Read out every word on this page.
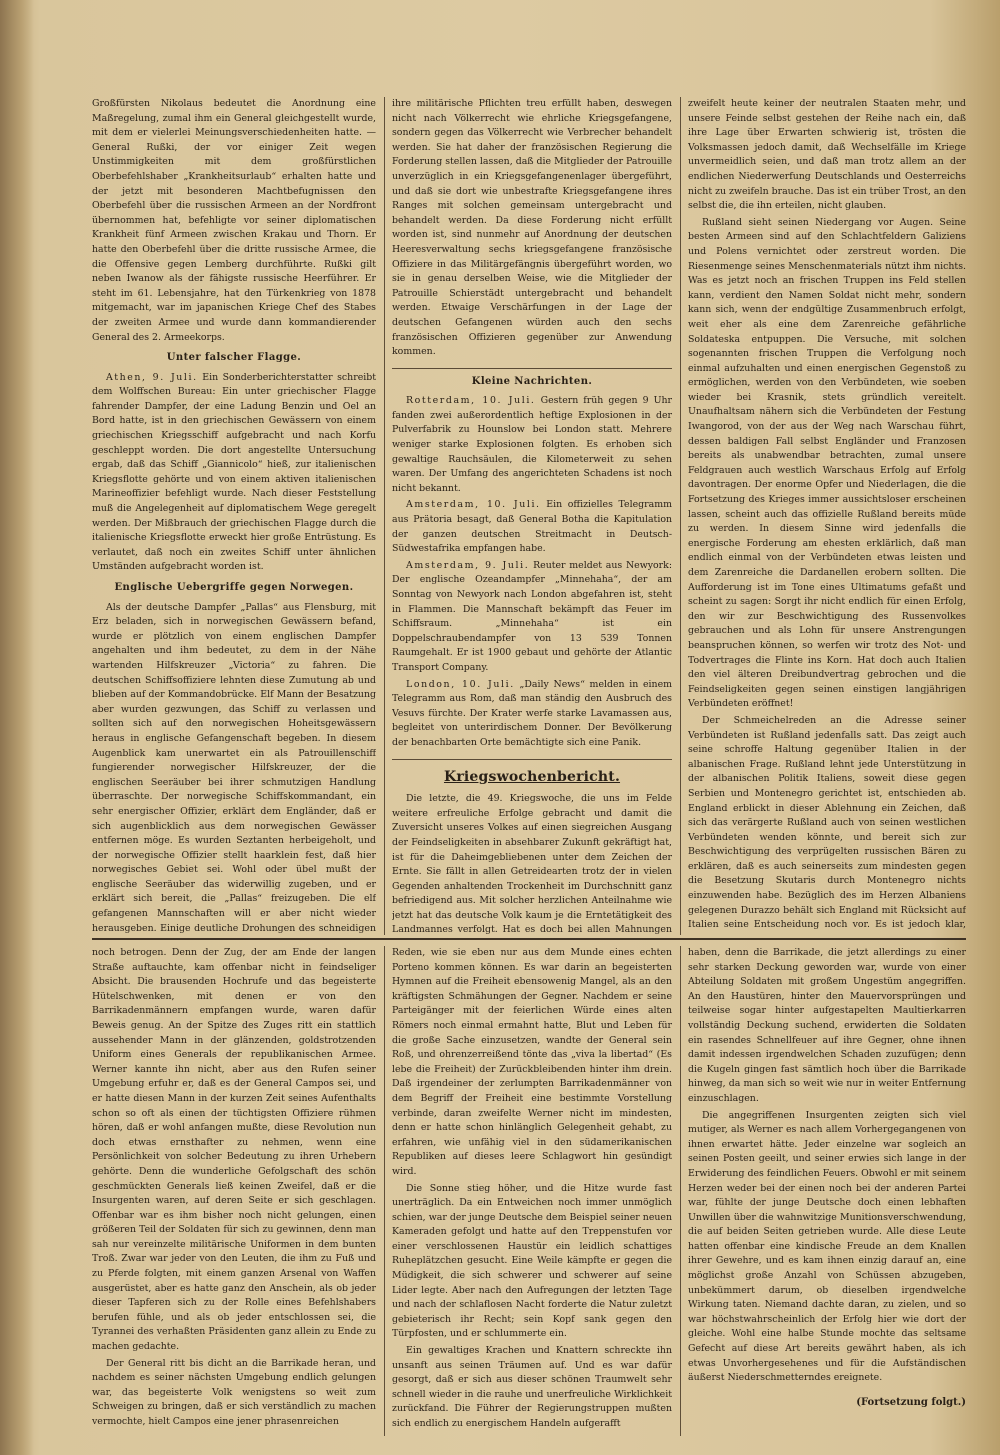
Großfürsten Nikolaus bedeutet die Anordnung eine Maßregelung, zumal ihm ein General gleichgestellt wurde, mit dem er vielerlei Meinungsverschiedenheiten hatte. — General Rußki, der vor einiger Zeit wegen Unstimmigkeiten mit dem großfürstlichen Oberbefehlshaber „Krankheitsurlaub“ erhalten hatte und der jetzt mit besonderen Machtbefugnissen den Oberbefehl über die russischen Armeen an der Nordfront übernommen hat, befehligte vor seiner diplomatischen Krankheit fünf Armeen zwischen Krakau und Thorn. Er hatte den Oberbefehl über die dritte russische Armee, die die Offensive gegen Lemberg durchführte. Rußki gilt neben Iwanow als der fähigste russische Heerführer. Er steht im 61. Lebensjahre, hat den Türkenkrieg von 1878 mitgemacht, war im japanischen Kriege Chef des Stabes der zweiten Armee und wurde dann kommandierender General des 2. Armeekorps.

Unter falscher Flagge.

Athen, 9. Juli. Ein Sonderberichterstatter schreibt dem Wolffschen Bureau: Ein unter griechischer Flagge fahrender Dampfer, der eine Ladung Benzin und Oel an Bord hatte, ist in den griechischen Gewässern von einem griechischen Kriegsschiff aufgebracht und nach Korfu geschleppt worden. Die dort angestellte Untersuchung ergab, daß das Schiff „Giannicolo“ hieß, zur italienischen Kriegsflotte gehörte und von einem aktiven italienischen Marineoffizier befehligt wurde. Nach dieser Feststellung muß die Angelegenheit auf diplomatischem Wege geregelt werden. Der Mißbrauch der griechischen Flagge durch die italienische Kriegsflotte erweckt hier große Entrüstung. Es verlautet, daß noch ein zweites Schiff unter ähnlichen Umständen aufgebracht worden ist.

Englische Uebergriffe gegen Norwegen.

Als der deutsche Dampfer „Pallas“ aus Flensburg, mit Erz beladen, sich in norwegischen Gewässern befand, wurde er plötzlich von einem englischen Dampfer angehalten und ihm bedeutet, zu dem in der Nähe wartenden Hilfskreuzer „Victoria“ zu fahren. Die deutschen Schiffsoffiziere lehnten diese Zumutung ab und blieben auf der Kommandobrücke. Elf Mann der Besatzung aber wurden gezwungen, das Schiff zu verlassen und sollten sich auf den norwegischen Hoheitsgewässern heraus in englische Gefangenschaft begeben. In diesem Augenblick kam unerwartet ein als Patrouillenschiff fungierender norwegischer Hilfskreuzer, der die englischen Seeräuber bei ihrer schmutzigen Handlung überraschte. Der norwegische Schiffskommandant, ein sehr energischer Offizier, erklärt dem Engländer, daß er sich augenblicklich aus dem norwegischen Gewässer entfernen möge. Es wurden Seztanten herbeigeholt, und der norwegische Offizier stellt haarklein fest, daß hier norwegisches Gebiet sei. Wohl oder übel mußt der englische Seeräuber das widerwillig zugeben, und er erklärt sich bereit, die „Pallas“ freizugeben. Die elf gefangenen Mannschaften will er aber nicht wieder herausgeben. Einige deutliche Drohungen des schneidigen

ihre militärische Pflichten treu erfüllt haben, deswegen nicht nach Völkerrecht wie ehrliche Kriegsgefangene, sondern gegen das Völkerrecht wie Verbrecher behandelt werden. Sie hat daher der französischen Regierung die Forderung stellen lassen, daß die Mitglieder der Patrouille unverzüglich in ein Kriegsgefangenenlager übergeführt, und daß sie dort wie unbestrafte Kriegsgefangene ihres Ranges mit solchen gemeinsam untergebracht und behandelt werden. Da diese Forderung nicht erfüllt worden ist, sind nunmehr auf Anordnung der deutschen Heeresverwaltung sechs kriegsgefangene französische Offiziere in das Militärgefängnis übergeführt worden, wo sie in genau derselben Weise, wie die Mitglieder der Patrouille Schierstädt untergebracht und behandelt werden. Etwaige Verschärfungen in der Lage der deutschen Gefangenen würden auch den sechs französischen Offizieren gegenüber zur Anwendung kommen.

Kleine Nachrichten.

Rotterdam, 10. Juli. Gestern früh gegen 9 Uhr fanden zwei außerordentlich heftige Explosionen in der Pulverfabrik zu Hounslow bei London statt. Mehrere weniger starke Explosionen folgten. Es erhoben sich gewaltige Rauchsäulen, die Kilometerweit zu sehen waren. Der Umfang des angerichteten Schadens ist noch nicht bekannt.

Amsterdam, 10. Juli. Ein offizielles Telegramm aus Prätoria besagt, daß General Botha die Kapitulation der ganzen deutschen Streitmacht in Deutsch-Südwestafrika empfangen habe.

Amsterdam, 9. Juli. Reuter meldet aus Newyork: Der englische Ozeandampfer „Minnehaha“, der am Sonntag von Newyork nach London abgefahren ist, steht in Flammen. Die Mannschaft bekämpft das Feuer im Schiffsraum. „Minnehaha“ ist ein Doppelschraubendampfer von 13 539 Tonnen Raumgehalt. Er ist 1900 gebaut und gehörte der Atlantic Transport Company.

London, 10. Juli. „Daily News“ melden in einem Telegramm aus Rom, daß man ständig den Ausbruch des Vesuvs fürchte. Der Krater werfe starke Lavamassen aus, begleitet von unterirdischem Donner. Der Bevölkerung der benachbarten Orte bemächtigte sich eine Panik.

Kriegswochenbericht.

Die letzte, die 49. Kriegswoche, die uns im Felde weitere erfreuliche Erfolge gebracht und damit die Zuversicht unseres Volkes auf einen siegreichen Ausgang der Feindseligkeiten in absehbarer Zukunft gekräftigt hat, ist für die Daheimgebliebenen unter dem Zeichen der Ernte. Sie fällt in allen Getreidearten trotz der in vielen Gegenden anhaltenden Trockenheit im Durchschnitt ganz befriedigend aus. Mit solcher herzlichen Anteilnahme wie jetzt hat das deutsche Volk kaum je die Erntetätigkeit des Landmannes verfolgt. Hat es doch bei allen Mahnungen

zweifelt heute keiner der neutralen Staaten mehr, und unsere Feinde selbst gestehen der Reihe nach ein, daß ihre Lage über Erwarten schwierig ist, trösten die Volksmassen jedoch damit, daß Wechselfälle im Kriege unvermeidlich seien, und daß man trotz allem an der endlichen Niederwerfung Deutschlands und Oesterreichs nicht zu zweifeln brauche. Das ist ein trüber Trost, an den selbst die, die ihn erteilen, nicht glauben.

Rußland sieht seinen Niedergang vor Augen. Seine besten Armeen sind auf den Schlachtfeldern Galiziens und Polens vernichtet oder zerstreut worden. Die Riesenmenge seines Menschenmaterials nützt ihm nichts. Was es jetzt noch an frischen Truppen ins Feld stellen kann, verdient den Namen Soldat nicht mehr, sondern kann sich, wenn der endgültige Zusammenbruch erfolgt, weit eher als eine dem Zarenreiche gefährliche Soldateska entpuppen. Die Versuche, mit solchen sogenannten frischen Truppen die Verfolgung noch einmal aufzuhalten und einen energischen Gegenstoß zu ermöglichen, werden von den Verbündeten, wie soeben wieder bei Krasnik, stets gründlich vereitelt. Unaufhaltsam nähern sich die Verbündeten der Festung Iwangorod, von der aus der Weg nach Warschau führt, dessen baldigen Fall selbst Engländer und Franzosen bereits als unabwendbar betrachten, zumal unsere Feldgrauen auch westlich Warschaus Erfolg auf Erfolg davontragen. Der enorme Opfer und Niederlagen, die die Fortsetzung des Krieges immer aussichtsloser erscheinen lassen, scheint auch das offizielle Rußland bereits müde zu werden. In diesem Sinne wird jedenfalls die energische Forderung am ehesten erklärlich, daß man endlich einmal von der Verbündeten etwas leisten und dem Zarenreiche die Dardanellen erobern sollten. Die Aufforderung ist im Tone eines Ultimatums gefaßt und scheint zu sagen: Sorgt ihr nicht endlich für einen Erfolg, den wir zur Beschwichtigung des Russenvolkes gebrauchen und als Lohn für unsere Anstrengungen beanspruchen können, so werfen wir trotz des Not- und Todvertrages die Flinte ins Korn. Hat doch auch Italien den viel älteren Dreibundvertrag gebrochen und die Feindseligkeiten gegen seinen einstigen langjährigen Verbündeten eröffnet!

Der Schmeichelreden an die Adresse seiner Verbündeten ist Rußland jedenfalls satt. Das zeigt auch seine schroffe Haltung gegenüber Italien in der albanischen Frage. Rußland lehnt jede Unterstützung in der albanischen Politik Italiens, soweit diese gegen Serbien und Montenegro gerichtet ist, entschieden ab. England erblickt in dieser Ablehnung ein Zeichen, daß sich das verärgerte Rußland auch von seinen westlichen Verbündeten wenden könnte, und bereit sich zur Beschwichtigung des verprügelten russischen Bären zu erklären, daß es auch seinerseits zum mindesten gegen die Besetzung Skutaris durch Montenegro nichts einzuwenden habe. Bezüglich des im Herzen Albaniens gelegenen Durazzo behält sich England mit Rücksicht auf Italien seine Entscheidung noch vor. Es ist jedoch klar,

noch betrogen. Denn der Zug, der am Ende der langen Straße auftauchte, kam offenbar nicht in feindseliger Absicht. Die brausenden Hochrufe und das begeisterte Hütelschwenken, mit denen er von den Barrikadenmännern empfangen wurde, waren dafür Beweis genug. An der Spitze des Zuges ritt ein stattlich aussehender Mann in der glänzenden, goldstrotzenden Uniform eines Generals der republikanischen Armee. Werner kannte ihn nicht, aber aus den Rufen seiner Umgebung erfuhr er, daß es der General Campos sei, und er hatte diesen Mann in der kurzen Zeit seines Aufenthalts schon so oft als einen der tüchtigsten Offiziere rühmen hören, daß er wohl anfangen mußte, diese Revolution nun doch etwas ernsthafter zu nehmen, wenn eine Persönlichkeit von solcher Bedeutung zu ihren Urhebern gehörte. Denn die wunderliche Gefolgschaft des schön geschmückten Generals ließ keinen Zweifel, daß er die Insurgenten waren, auf deren Seite er sich geschlagen. Offenbar war es ihm bisher noch nicht gelungen, einen größeren Teil der Soldaten für sich zu gewinnen, denn man sah nur vereinzelte militärische Uniformen in dem bunten Troß. Zwar war jeder von den Leuten, die ihm zu Fuß und zu Pferde folgten, mit einem ganzen Arsenal von Waffen ausgerüstet, aber es hatte ganz den Anschein, als ob jeder dieser Tapferen sich zu der Rolle eines Befehlshabers berufen fühle, und als ob jeder entschlossen sei, die Tyrannei des verhaßten Präsidenten ganz allein zu Ende zu machen gedachte.

Der General ritt bis dicht an die Barrikade heran, und nachdem es seiner nächsten Umgebung endlich gelungen war, das begeisterte Volk wenigstens so weit zum Schweigen zu bringen, daß er sich verständlich zu machen vermochte, hielt Campos eine jener phrasenreichen

Reden, wie sie eben nur aus dem Munde eines echten Porteno kommen können. Es war darin an begeisterten Hymnen auf die Freiheit ebensowenig Mangel, als an den kräftigsten Schmähungen der Gegner. Nachdem er seine Parteigänger mit der feierlichen Würde eines alten Römers noch einmal ermahnt hatte, Blut und Leben für die große Sache einzusetzen, wandte der General sein Roß, und ohrenzerreißend tönte das „viva la libertad“ (Es lebe die Freiheit) der Zurückbleibenden hinter ihm drein. Daß irgendeiner der zerlumpten Barrikadenmänner von dem Begriff der Freiheit eine bestimmte Vorstellung verbinde, daran zweifelte Werner nicht im mindesten, denn er hatte schon hinlänglich Gelegenheit gehabt, zu erfahren, wie unfähig viel in den südamerikanischen Republiken auf dieses leere Schlagwort hin gesündigt wird.

Die Sonne stieg höher, und die Hitze wurde fast unerträglich. Da ein Entweichen noch immer unmöglich schien, war der junge Deutsche dem Beispiel seiner neuen Kameraden gefolgt und hatte auf den Treppenstufen vor einer verschlossenen Haustür ein leidlich schattiges Ruheplätzchen gesucht. Eine Weile kämpfte er gegen die Müdigkeit, die sich schwerer und schwerer auf seine Lider legte. Aber nach den Aufregungen der letzten Tage und nach der schlaflosen Nacht forderte die Natur zuletzt gebieterisch ihr Recht; sein Kopf sank gegen den Türpfosten, und er schlummerte ein.

Ein gewaltiges Krachen und Knattern schreckte ihn unsanft aus seinen Träumen auf. Und es war dafür gesorgt, daß er sich aus dieser schönen Traumwelt sehr schnell wieder in die rauhe und unerfreuliche Wirklichkeit zurückfand. Die Führer der Regierungstruppen mußten sich endlich zu energischem Handeln aufgerafft

haben, denn die Barrikade, die jetzt allerdings zu einer sehr starken Deckung geworden war, wurde von einer Abteilung Soldaten mit großem Ungestüm angegriffen. An den Haustüren, hinter den Mauervorsprüngen und teilweise sogar hinter aufgestapelten Maultierkarren vollständig Deckung suchend, erwiderten die Soldaten ein rasendes Schnellfeuer auf ihre Gegner, ohne ihnen damit indessen irgendwelchen Schaden zuzufügen; denn die Kugeln gingen fast sämtlich hoch über die Barrikade hinweg, da man sich so weit wie nur in weiter Entfernung einzuschlagen.

Die angegriffenen Insurgenten zeigten sich viel mutiger, als Werner es nach allem Vorhergegangenen von ihnen erwartet hätte. Jeder einzelne war sogleich an seinen Posten geeilt, und seiner erwies sich lange in der Erwiderung des feindlichen Feuers. Obwohl er mit seinem Herzen weder bei der einen noch bei der anderen Partei war, fühlte der junge Deutsche doch einen lebhaften Unwillen über die wahnwitzige Munitionsverschwendung, die auf beiden Seiten getrieben wurde. Alle diese Leute hatten offenbar eine kindische Freude an dem Knallen ihrer Gewehre, und es kam ihnen einzig darauf an, eine möglichst große Anzahl von Schüssen abzugeben, unbekümmert darum, ob dieselben irgendwelche Wirkung taten. Niemand dachte daran, zu zielen, und so war höchstwahrscheinlich der Erfolg hier wie dort der gleiche. Wohl eine halbe Stunde mochte das seltsame Gefecht auf diese Art bereits gewährt haben, als ich etwas Unvorhergesehenes und für die Aufständischen äußerst Niederschmetterndes ereignete.

(Fortsetzung folgt.)
